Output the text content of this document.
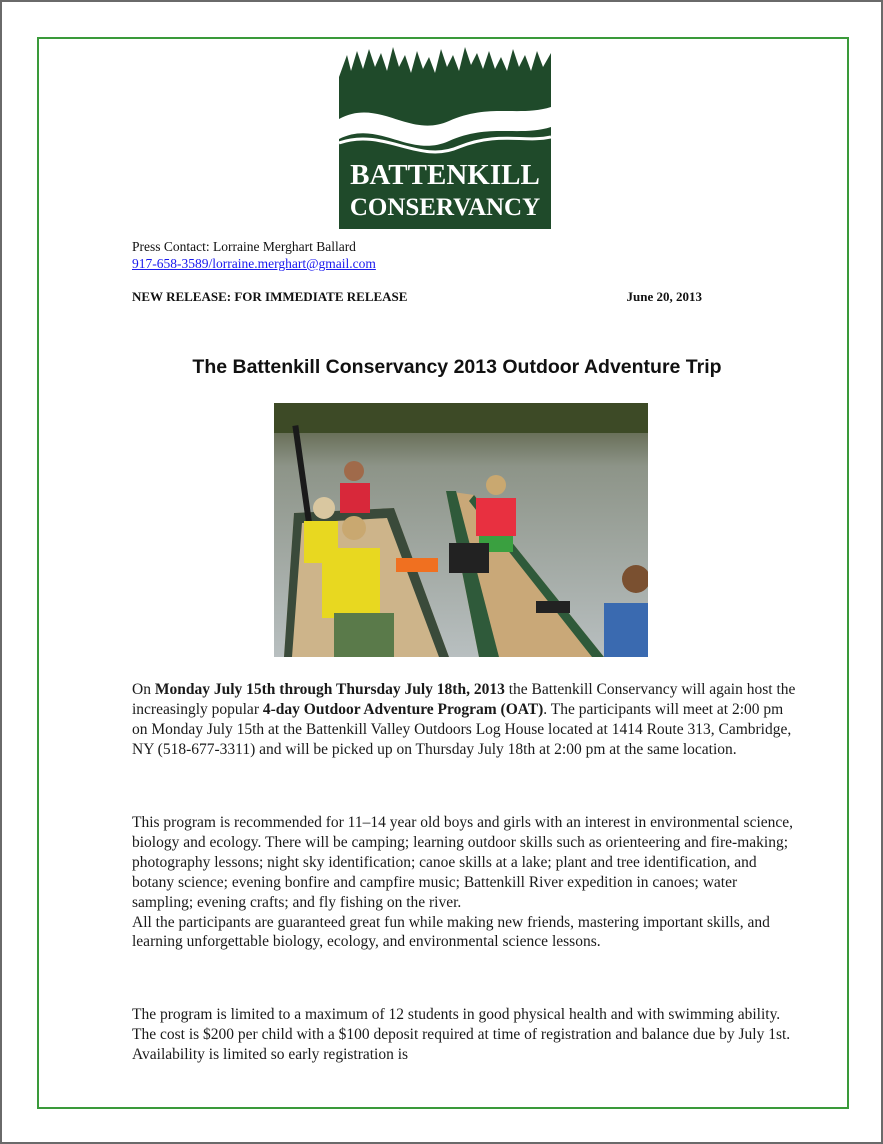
BATTENKILL
CONSERVANCY
Press Contact: Lorraine Merghart Ballard
917-658-3589/lorraine.merghart@gmail.com
NEW RELEASE: FOR IMMEDIATE RELEASE	June 20, 2013
The Battenkill Conservancy 2013 Outdoor Adventure Trip

On Monday July 15th through Thursday July 18th, 2013 the Battenkill Conservancy will again host the increasingly popular 4-day Outdoor Adventure Program (OAT). The participants will meet at 2:00 pm on Monday July 15th at the Battenkill Valley Outdoors Log House located at 1414 Route 313, Cambridge, NY (518-677-3311) and will be picked up on Thursday July 18th at 2:00 pm at the same location.

This program is recommended for 11–14 year old boys and girls with an interest in environmental science, biology and ecology. There will be camping; learning outdoor skills such as orienteering and fire-making; photography lessons; night sky identification; canoe skills at a lake; plant and tree identification, and botany science; evening bonfire and campfire music; Battenkill River expedition in canoes; water sampling; evening crafts; and fly fishing on the river.

All the participants are guaranteed great fun while making new friends, mastering important skills, and learning unforgettable biology, ecology, and environmental science lessons.

The program is limited to a maximum of 12 students in good physical health and with swimming ability. The cost is $200 per child with a $100 deposit required at time of registration and balance due by July 1st. Availability is limited so early registration is
